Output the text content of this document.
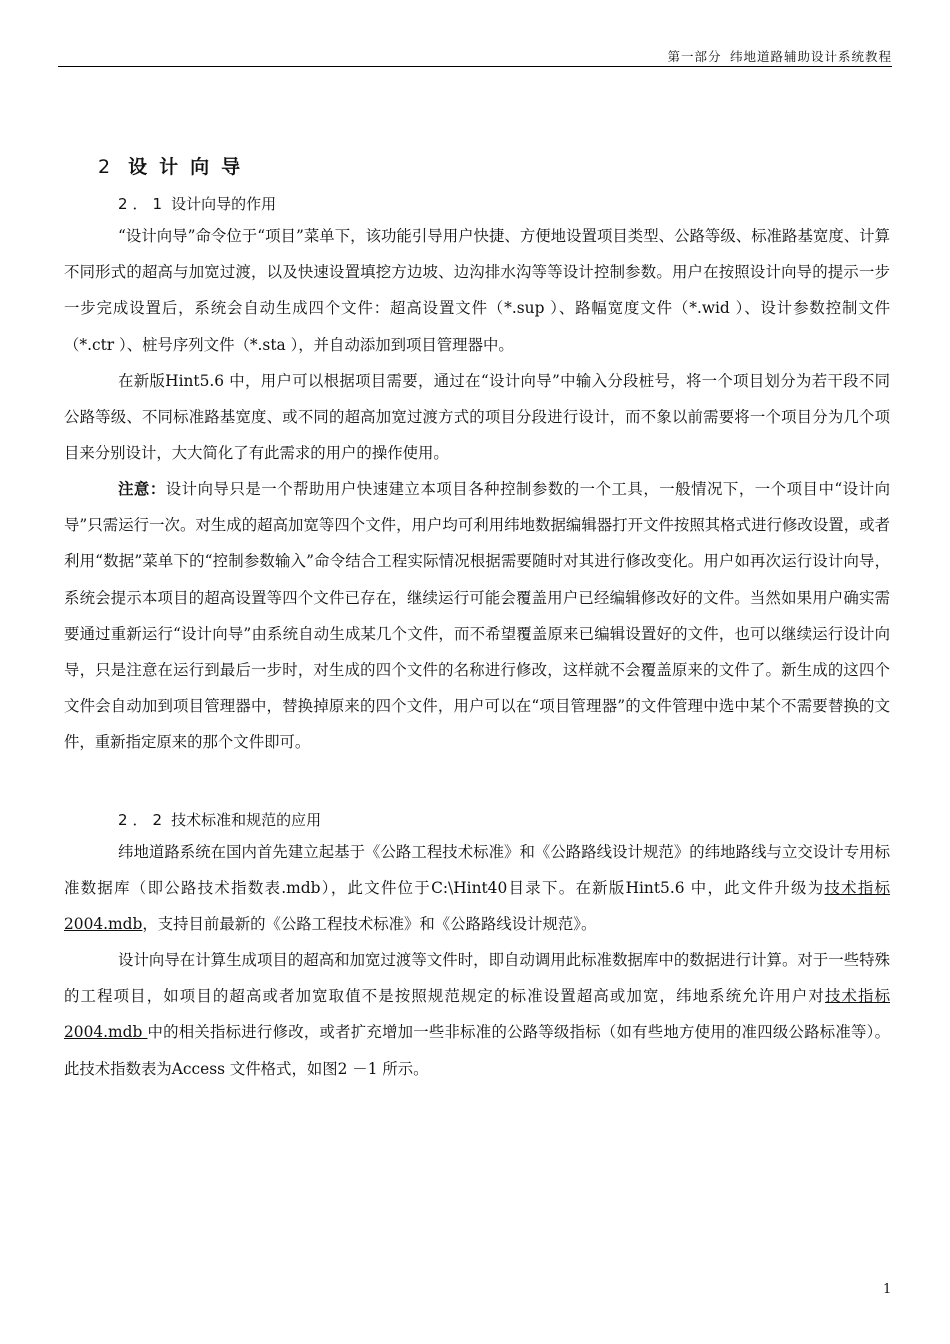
第一部分 纬地道路辅助设计系统教程
2 设计向导
2．1 设计向导的作用

“设计向导”命令位于“项目”菜单下，该功能引导用户快捷、方便地设置项目类型、公路等级、标准路基宽度、计算不同形式的超高与加宽过渡，以及快速设置填挖方边坡、边沟排水沟等等设计控制参数。用户在按照设计向导的提示一步一步完成设置后，系统会自动生成四个文件：超高设置文件（*.sup ）、路幅宽度文件（*.wid ）、设计参数控制文件（*.ctr ）、桩号序列文件（*.sta ），并自动添加到项目管理器中。

在新版Hint5.6 中，用户可以根据项目需要，通过在“设计向导”中输入分段桩号，将一个项目划分为若干段不同公路等级、不同标准路基宽度、或不同的超高加宽过渡方式的项目分段进行设计，而不象以前需要将一个项目分为几个项目来分别设计，大大简化了有此需求的用户的操作使用。

注意：设计向导只是一个帮助用户快速建立本项目各种控制参数的一个工具，一般情况下，一个项目中“设计向导”只需运行一次。对生成的超高加宽等四个文件，用户均可利用纬地数据编辑器打开文件按照其格式进行修改设置，或者利用“数据”菜单下的“控制参数输入”命令结合工程实际情况根据需要随时对其进行修改变化。用户如再次运行设计向导，系统会提示本项目的超高设置等四个文件已存在，继续运行可能会覆盖用户已经编辑修改好的文件。当然如果用户确实需要通过重新运行“设计向导”由系统自动生成某几个文件，而不希望覆盖原来已编辑设置好的文件，也可以继续运行设计向导，只是注意在运行到最后一步时，对生成的四个文件的名称进行修改，这样就不会覆盖原来的文件了。新生成的这四个文件会自动加到项目管理器中，替换掉原来的四个文件，用户可以在“项目管理器”的文件管理中选中某个不需要替换的文件，重新指定原来的那个文件即可。

2．2 技术标准和规范的应用

纬地道路系统在国内首先建立起基于《公路工程技术标准》和《公路路线设计规范》的纬地路线与立交设计专用标准数据库（即公路技术指数表.mdb），此文件位于C:\Hint40目录下。在新版Hint5.6 中，此文件升级为技术指标2004.mdb，支持目前最新的《公路工程技术标准》和《公路路线设计规范》。

设计向导在计算生成项目的超高和加宽过渡等文件时，即自动调用此标准数据库中的数据进行计算。对于一些特殊的工程项目，如项目的超高或者加宽取值不是按照规范规定的标准设置超高或加宽，纬地系统允许用户对技术指标2004.mdb 中的相关指标进行修改，或者扩充增加一些非标准的公路等级指标（如有些地方使用的准四级公路标准等）。此技术指数表为Access 文件格式，如图2 －1 所示。

1
